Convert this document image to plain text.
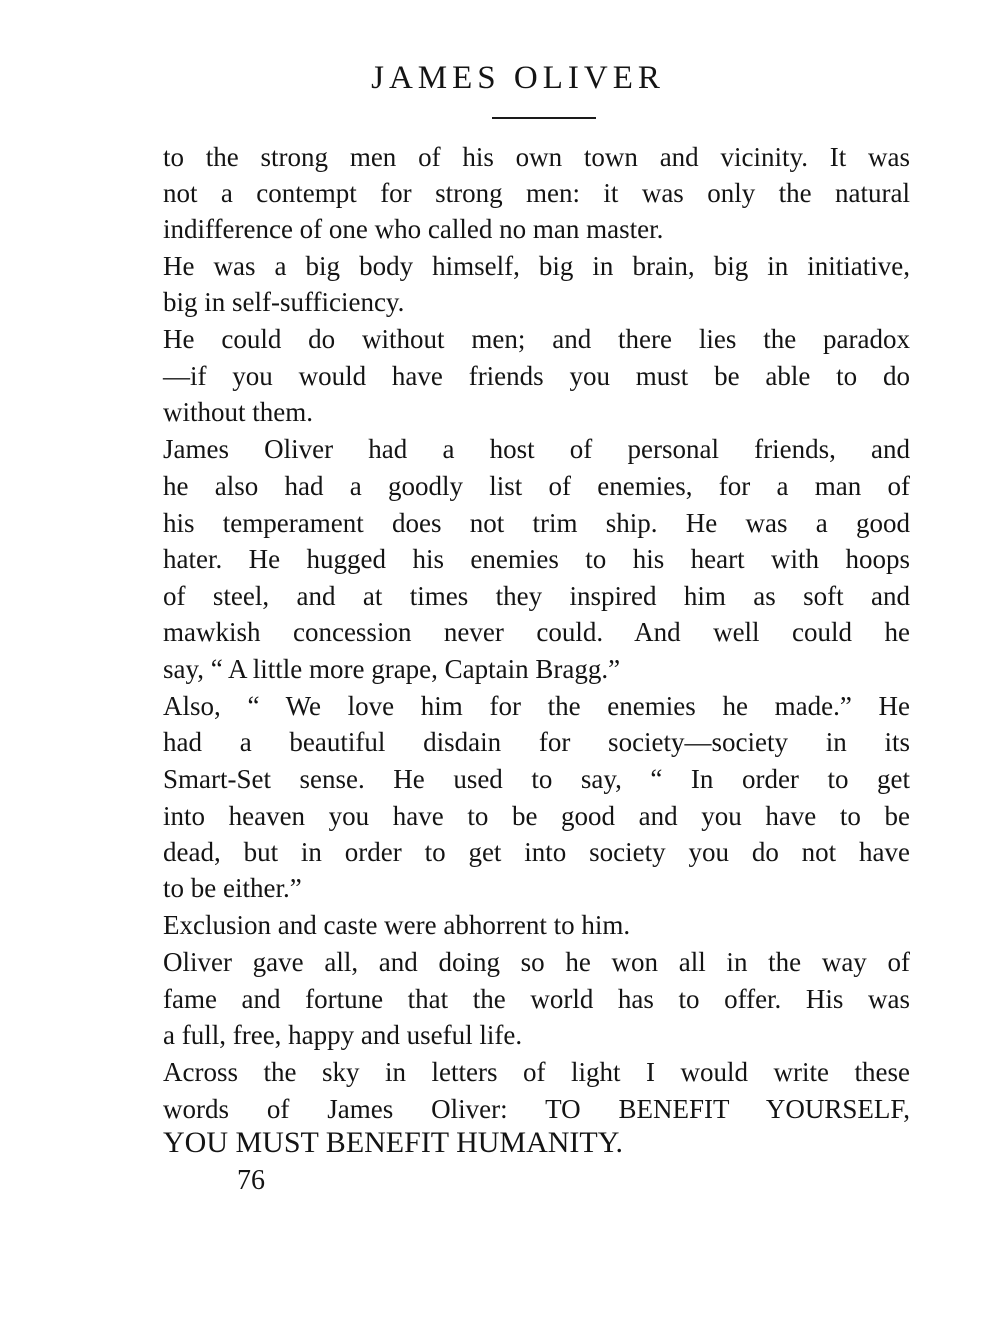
JAMES OLIVER
to the strong men of his own town and vicinity. It was
not a contempt for strong men: it was only the natural
indifference of one who called no man master.
He was a big body himself, big in brain, big in initiative,
big in self-sufficiency.
He could do without men; and there lies the paradox
—if you would have friends you must be able to do
without them.
James Oliver had a host of personal friends, and
he also had a goodly list of enemies, for a man of
his temperament does not trim ship. He was a good
hater. He hugged his enemies to his heart with hoops
of steel, and at times they inspired him as soft and
mawkish concession never could. And well could he
say, “ A little more grape, Captain Bragg.”
Also, “ We love him for the enemies he made.” He
had a beautiful disdain for society—society in its
Smart-Set sense. He used to say, “ In order to get
into heaven you have to be good and you have to be
dead, but in order to get into society you do not have
to be either.”
Exclusion and caste were abhorrent to him.
Oliver gave all, and doing so he won all in the way of
fame and fortune that the world has to offer. His was
a full, free, happy and useful life.
Across the sky in letters of light I would write these
words of James Oliver: TO BENEFIT YOURSELF,
YOU MUST BENEFIT HUMANITY.
76
